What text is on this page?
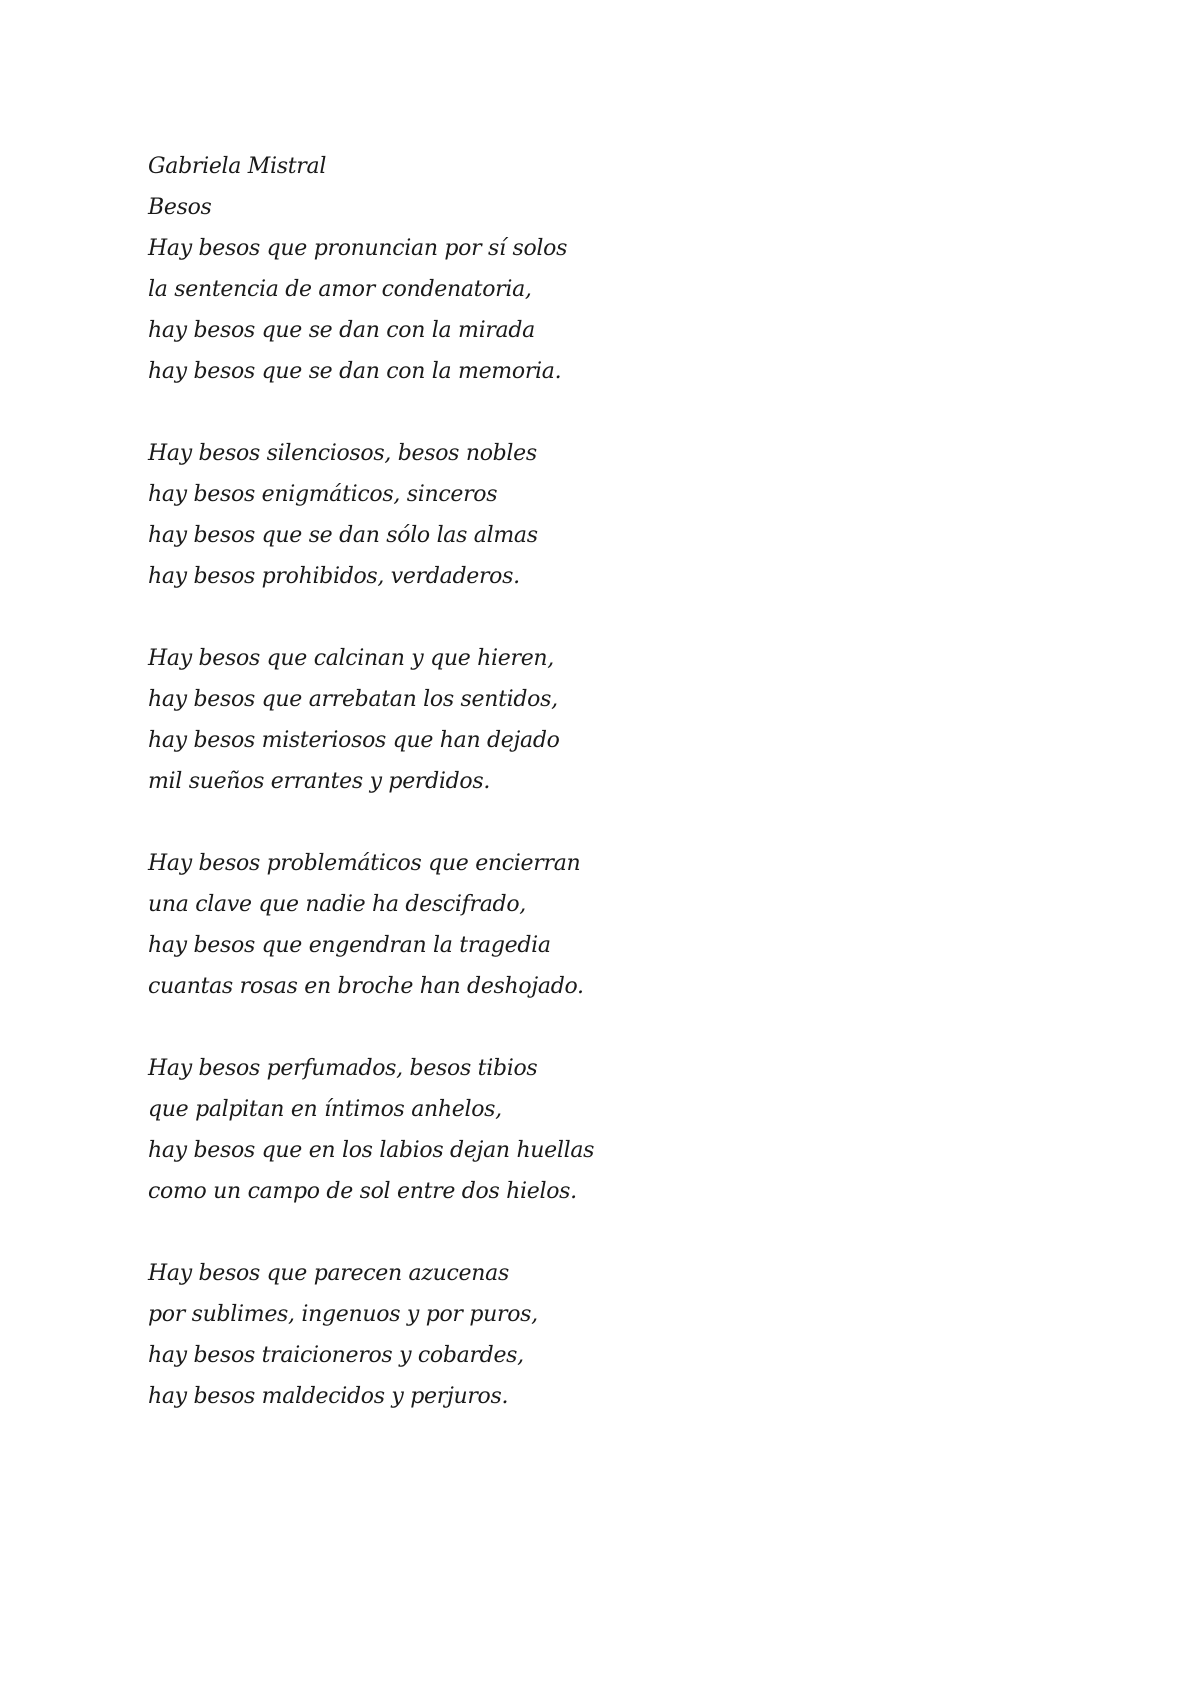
Gabriela Mistral
Besos
Hay besos que pronuncian por sí solos
la sentencia de amor condenatoria,
hay besos que se dan con la mirada
hay besos que se dan con la memoria.
Hay besos silenciosos, besos nobles
hay besos enigmáticos, sinceros
hay besos que se dan sólo las almas
hay besos prohibidos, verdaderos.
Hay besos que calcinan y que hieren,
hay besos que arrebatan los sentidos,
hay besos misteriosos que han dejado
mil sueños errantes y perdidos.
Hay besos problemáticos que encierran
una clave que nadie ha descifrado,
hay besos que engendran la tragedia
cuantas rosas en broche han deshojado.
Hay besos perfumados, besos tibios
que palpitan en íntimos anhelos,
hay besos que en los labios dejan huellas
como un campo de sol entre dos hielos.
Hay besos que parecen azucenas
por sublimes, ingenuos y por puros,
hay besos traicioneros y cobardes,
hay besos maldecidos y perjuros.
